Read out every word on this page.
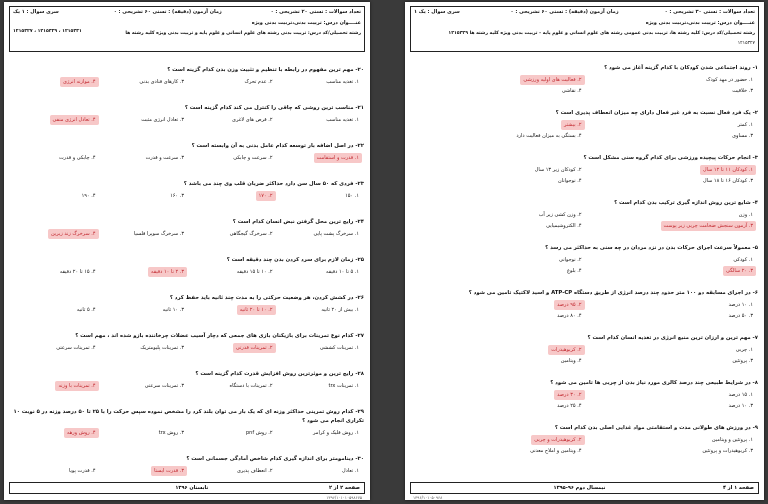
تعداد سوالات : تستی ۲۰ تشریحی : ۰
زمان آزمون (دقیقه) : تستی ۶۰ تشریحی : ۰
سری سوال : ۱ یک
عنــــوان درس: تربیت بدنی،تربیت بدنی ویژه
رشته تحصیلی/کد درس: تربیت بدنی رشته های علوم انسانی و علوم پایه و تربیت بدنی ویژه کلیه رشته ها
۱۲۱۵۳۲۷ ، ۱۲۱۵۳۲۹ ، ۱۲۱۵۳۳۱
۲۰- مهم ترین مفهوم در رابطه با تنظیم و تثبیت وزن بدن کدام گزینه است ؟
۱. تغذیه مناسب
۲. عدم تحرک
۳. کارهای قنادی بدنی
۴. موازنه انرژی
۲۱- مناسب ترین روشی که چاقی را کنترل می کند کدام گزینه است ؟
۱. تغذیه مناسب
۲. قرص های لاغری
۳. تعادل انرژی مثبت
۴. تعادل انرژی منفی
۲۲- در اصل اضافه بار توسعه کدام عامل بدنی به آن وابسته است ؟
۱. قدرت و استقامت
۲. سرعت و چابکی
۳. سرعت و قدرت
۴. چابکی و قدرت
۲۳- فردی که ۵۰ سال سن دارد حداکثر ضربان قلب وی چند می باشد ؟
۱. ۱۵۰
۲. ۱۷۰
۳. ۱۶۰
۴. ۱۹۰
۲۴- رایج ترین محل گرفتن نبض انسان کدام است ؟
۱. سرخرگ پشت پایی
۲. سرخرگ گیجگاهی
۳. سرخرگ سوپرا فلسیا
۴. سرخرگ زند زیرین
۲۵- زمان لازم برای سرد کردن بدن چند دقیقه است ؟
۱. ۵ تا ۱۰ دقیقه
۲. ۱۰ تا ۱۵ دقیقه
۳. ۲ تا ۱۰ دقیقه
۴. ۱۵ تا ۲۰ دقیقه
۲۶- در کشش کردن، هر وضعیت حرکتی را به مدت چند ثانیه باید حفظ کرد ؟
۱. بیش از ۲۰ ثانیه
۲. ۱۰ تا ۲۰ ثانیه
۳. ۱۰ ثانیه
۴. ۵ ثانیه
۲۷- کدام نوع تمرینات برای بازیکنان بازی های جمعی که دچار آسیب عضلات چرخاننده بازو شده اند ، مهم است ؟
۱. تمرینات کششی
۲. تمرینات قدرتی
۳. تمرینات پلیومتریک
۴. تمرینات سرعتی
۲۸- رایج ترین و موثرترین روش افزایش قدرت کدام گزینه است ؟
۱. تمرینات trx
۲. تمرینات با دستگاه
۳. تمرینات سرعتی
۴. تمرینات با وزنه
۲۹- کدام روش تمرینی حداکثر وزنه ای که یک بار می توان بلند کرد را مشخص نموده سپس حرکت را با ۲۵ تا ۵۰ درصد وزنه در ۵ نوبت ۱۰ تکراری انجام می شود ؟
۱. روش فلیک و کرامر
۲. روش pnf
۳. روش trx
۴. روش ورهه
۳۰- دینامومتر برای اندازه گیری کدام شاخص آمادگی جسمانی است ؟
۱. تعادل
۲. انعطاف پذیری
۳. قدرت ایستا
۴. قدرت پویا
صفحه ۲ از ۲
تابستان ۱۳۹۶
۱۳۹۶/۱۰۱۰۱۰۵۹۸۶۷۵
تعداد سوالات : تستی ۳۰ تشریحی : ۰
زمان آزمون (دقیقه) : تستی ۶۰ تشریحی : ۰
سری سوال : یک ۱
عنــــوان درس: تربیت بدنی،تربیت بدنی ویژه
رشته تحصیلی/کد درس: کلیه رشته ها، تربیت بدنی عمومی رشته های علوم انسانی و علوم پایه - تربیت بدنی ویژه کلیه رشته ها ۱۲۱۵۳۲۹
۱۲۱۵۳۲۷
۱- روند اجتماعی شدن کودکان با کدام گزینه آغاز می شود ؟
۱. حضور در مهد کودک
۲. فعالیت های اولیه ورزشی
۳. خلاقیت
۴. نقاشی
۲- یک فرد فعال نسبت به فرد غیر فعال دارای چه میزان انعطاف پذیری است ؟
۱. کمتر
۲. بیشتر
۳. مساوی
۴. بستگی به میزان فعالیت دارد
۳- انجام حرکات پیچیده ورزشی برای کدام گروه سنی مشکل است ؟
۱. کودکان ۱۱ تا ۱۲ سال
۲. کودکان زیر ۱۳ سال
۳. کودکان ۱۶ تا ۱۸ سال
۴. نوجوانان
۴- شایع ترین روش اندازه گیری ترکیب بدن کدام است ؟
۱. وزن
۲. وزن کشی زیر آب
۳. آزمون سنجش ضخامت چربی زیر پوست
۴. الکتروشیمیایی
۵- معمولاً سرعت اجرای حرکات بدن در نزد مردان در چه سنی به حداکثر می رسد ؟
۱. کودکی
۲. نوجوانی
۳. ۲۰ سالگی
۴. بلوغ
۶- در اجرای مسابقه دو ۱۰۰ متر حدود چند درصد انرژی از طریق دستگاه ATP-CP و اسید لاکتیک تامین می شود ؟
۱. ۱۰ درصد
۲. ۹۵ درصد
۳. ۵۰ درصد
۴. ۸۰ درصد
۷- مهم ترین و ارزان ترین منبع انرژی در تغذیه انسان کدام است ؟
۱. چربی
۲. کربوهیدرات
۳. پروتئین
۴. ویتامین
۸- در شرایط طبیعی چند درصد کالری مورد نیاز بدن از چربی ها تامین می شود ؟
۱. ۱۵ درصد
۲. ۳۰ درصد
۳. ۱۰ درصد
۴. ۲۵ درصد
۹- در ورزش های طولانی مدت و استقامتی مواد غذایی اصلی بدن کدام است ؟
۱. پروتئین و ویتامین
۲. کربوهیدرات و چربی
۳. کربوهیدرات و پروتئین
۴. ویتامین و املاح معدنی
صفحه ۱ از ۴
نیمسال دوم ۹۶-۱۳۹۵
۱۳۹۶/۱۰۱۰۵۰۹۶۸
